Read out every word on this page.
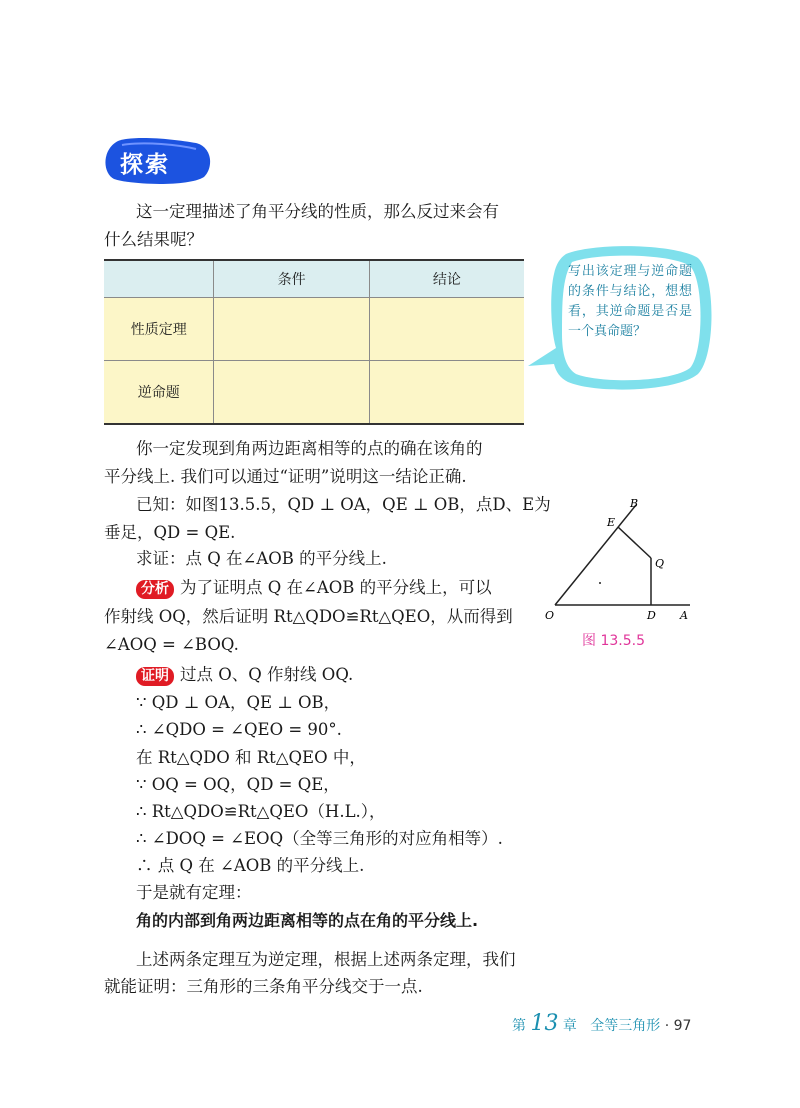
探索
这一定理描述了角平分线的性质，那么反过来会有
什么结果呢？
	条件	结论
性质定理		
逆命题		
写出该定理与逆命题的条件与结论，想想看，其逆命题是否是一个真命题？
你一定发现到角两边距离相等的点的确在该角的
平分线上. 我们可以通过“证明”说明这一结论正确.
已知：如图13.5.5，QD ⊥ OA，QE ⊥ OB，点D、E为
垂足，QD = QE.
求证：点 Q 在∠AOB 的平分线上.
分析 为了证明点 Q 在∠AOB 的平分线上，可以
作射线 OQ，然后证明 Rt△QDO≌Rt△QEO，从而得到
∠AOQ = ∠BOQ.
证明 过点 O、Q 作射线 OQ.
∵ QD ⊥ OA，QE ⊥ OB，
∴ ∠QDO = ∠QEO = 90°.
在 Rt△QDO 和 Rt△QEO 中，
∵ OQ = OQ，QD = QE，
∴ Rt△QDO≌Rt△QEO（H.L.），
∴ ∠DOQ = ∠EOQ（全等三角形的对应角相等）.
∴ 点 Q 在 ∠AOB 的平分线上.
于是就有定理：
角的内部到角两边距离相等的点在角的平分线上.
上述两条定理互为逆定理，根据上述两条定理，我们
就能证明：三角形的三条角平分线交于一点.
B
E
Q
O	D A
图 13.5.5
第 13 章 全等三角形 · 97
